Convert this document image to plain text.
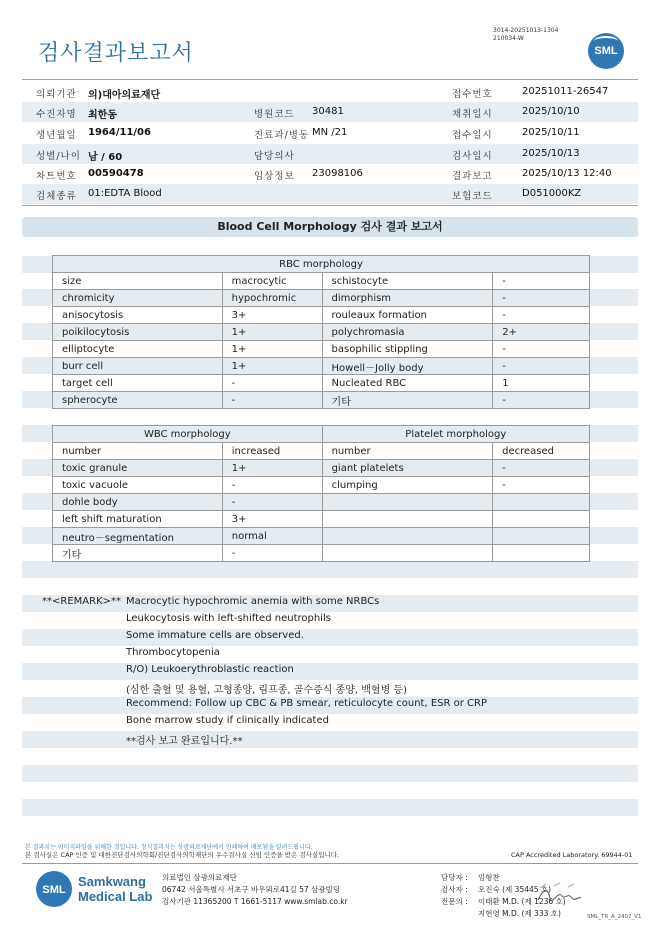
3014-20251013-1304
210034-W
검사결과보고서	SML
의뢰기관 의)대아의료재단	접수번호	20251011-26547
수진자명 최한동	병원코드 30481	채취일시	2025/10/10
생년월일 1964/11/06	진료과/병동 MN /21	접수일시	2025/10/11
성별/나이 남 / 60	담당의사	검사일시	2025/10/13
차트번호 00590478	임상정보 23098106	결과보고	2025/10/13 12:40
검체종류 01:EDTA Blood	보험코드	D051000KZ
Blood Cell Morphology 검사 결과 보고서
RBC morphology			
size	macrocytic	schistocyte	-
chromicity	hypochromic	dimorphism	-
anisocytosis	3+	rouleaux formation	-
poikilocytosis	1+	polychromasia	2+
elliptocyte	1+	basophilic stippling	-
burr cell	1+	Howell－Jolly body	-
target cell	-	Nucleated RBC	1
spherocyte	-	기타	-
WBC morphology		Platelet morphology	
number	increased	number	decreased
toxic granule	1+	giant platelets	-
toxic vacuole	-	clumping	-
dohle body	-		
left shift maturation	3+		
neutro－segmentation	normal		
기타	-		
**<REMARK>** Macrocytic hypochromic anemia with some NRBCs
Leukocytosis with left-shifted neutrophils
Some immature cells are observed.
Thrombocytopenia
R/O) Leukoerythroblastic reaction
(심한 출혈 및 용혈, 고형종양, 림프종, 골수증식 종양, 백혈병 등)
Recommend: Follow up CBC & PB smear, reticulocyte count, ESR or CRP
Bone marrow study if clinically indicated
**검사 보고 완료입니다.**
본 결과지는 이미지파일을 위해한 것입니다. 정식결과지는 상광의료재단에서 인쇄하여 배포됨을 알려드립니다.
본 검사실은 CAP 인증 및 대한진단검사의학회/진단검사의학재단의 우수검사실 신임 인증을 받은 검사실입니다.	CAP Accredited Laboratory. 69944-01
SML
Samkwang
Medical Lab
의료법인 삼광의료재단
06742 서울특별시 서초구 바우뫼로41길 57 삼광빌딩
검사기관 11365200 T 1661-5117 www.smlab.co.kr
담당자 : 임형찬
검사자 : 오진숙 (제 35445 호)
전문의 : 이태환 M.D. (제 1236 호)
지현영 M.D. (제 333 호)	SML_TR_A_2407_V1
